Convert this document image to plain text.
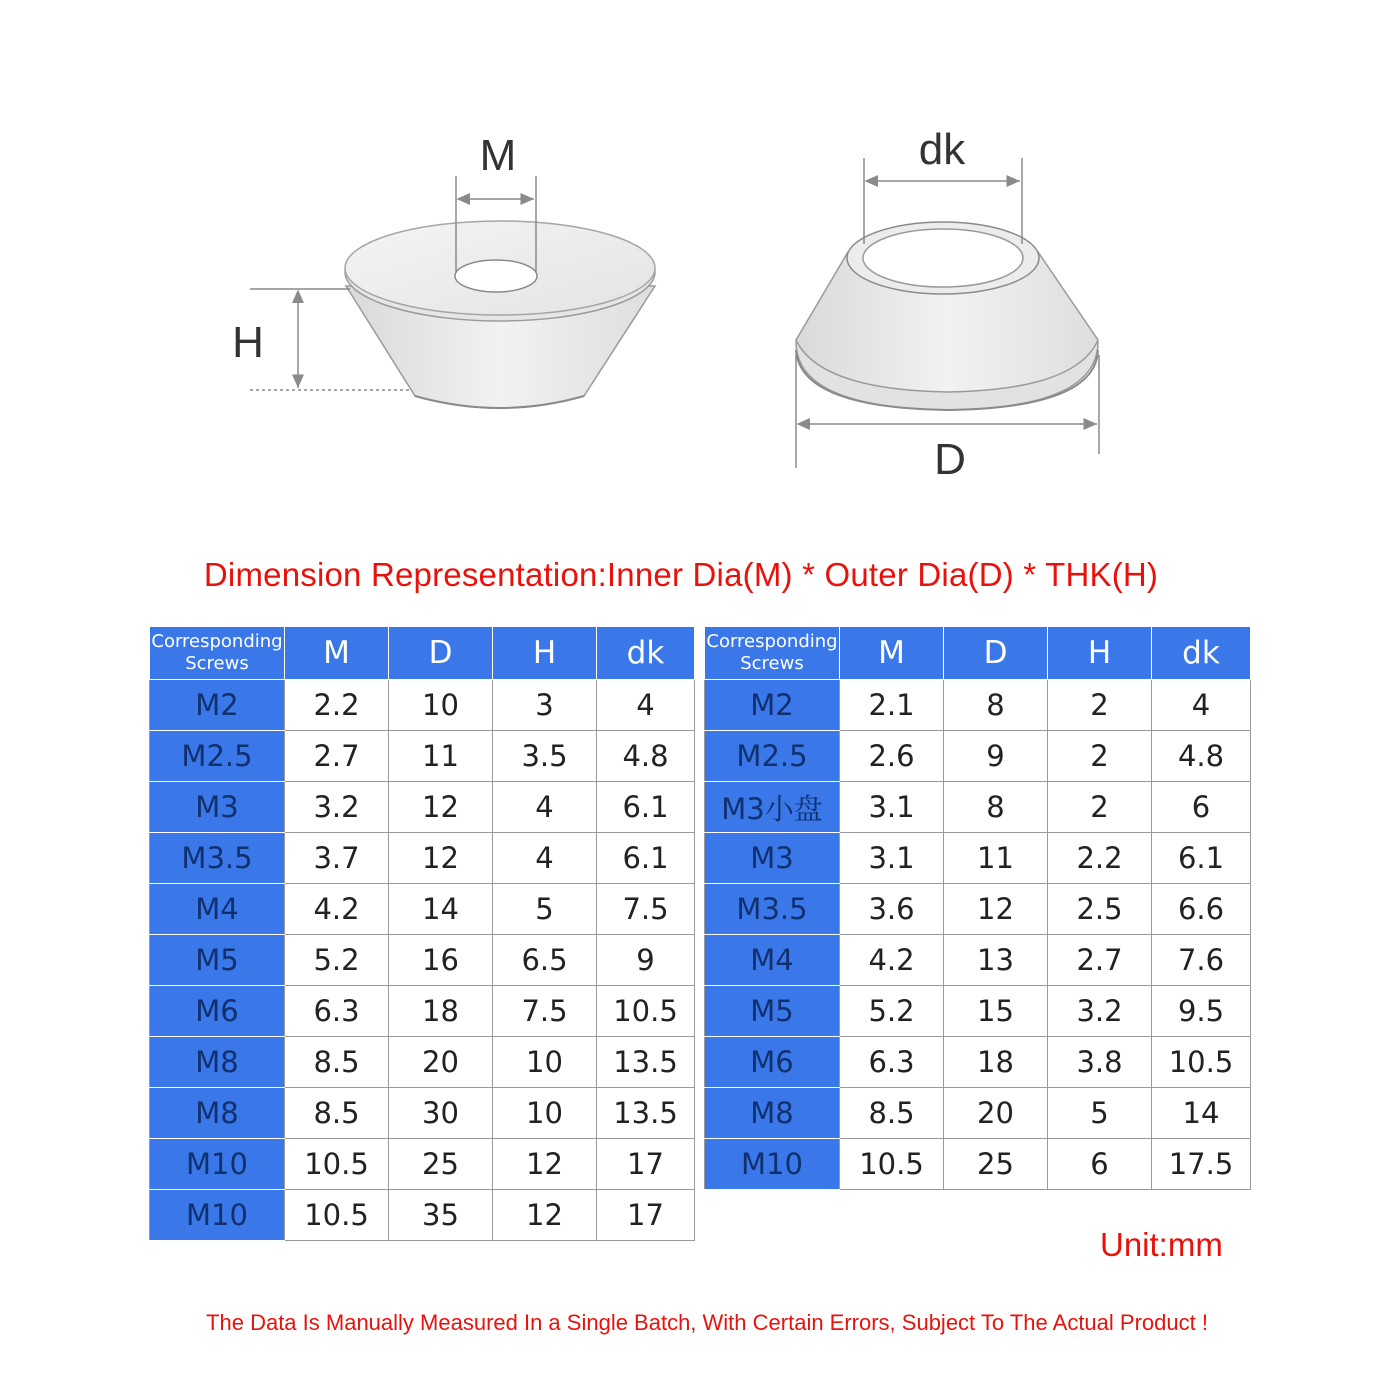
M
H
dk
D
Dimension Representation:Inner Dia(M) * Outer Dia(D) * THK(H)
Corresponding
Screws	M	D	H	dk
M2	2.2	10	3	4
M2.5	2.7	11	3.5	4.8
M3	3.2	12	4	6.1
M3.5	3.7	12	4	6.1
M4	4.2	14	5	7.5
M5	5.2	16	6.5	9
M6	6.3	18	7.5	10.5
M8	8.5	20	10	13.5
M8	8.5	30	10	13.5
M10	10.5	25	12	17
M10	10.5	35	12	17
Corresponding
Screws	M	D	H	dk
M2	2.1	8	2	4
M2.5	2.6	9	2	4.8
M3小盘	3.1	8	2	6
M3	3.1	11	2.2	6.1
M3.5	3.6	12	2.5	6.6
M4	4.2	13	2.7	7.6
M5	5.2	15	3.2	9.5
M6	6.3	18	3.8	10.5
M8	8.5	20	5	14
M10	10.5	25	6	17.5
Unit:mm
The Data Is Manually Measured In a Single Batch, With Certain Errors, Subject To The Actual Product !
